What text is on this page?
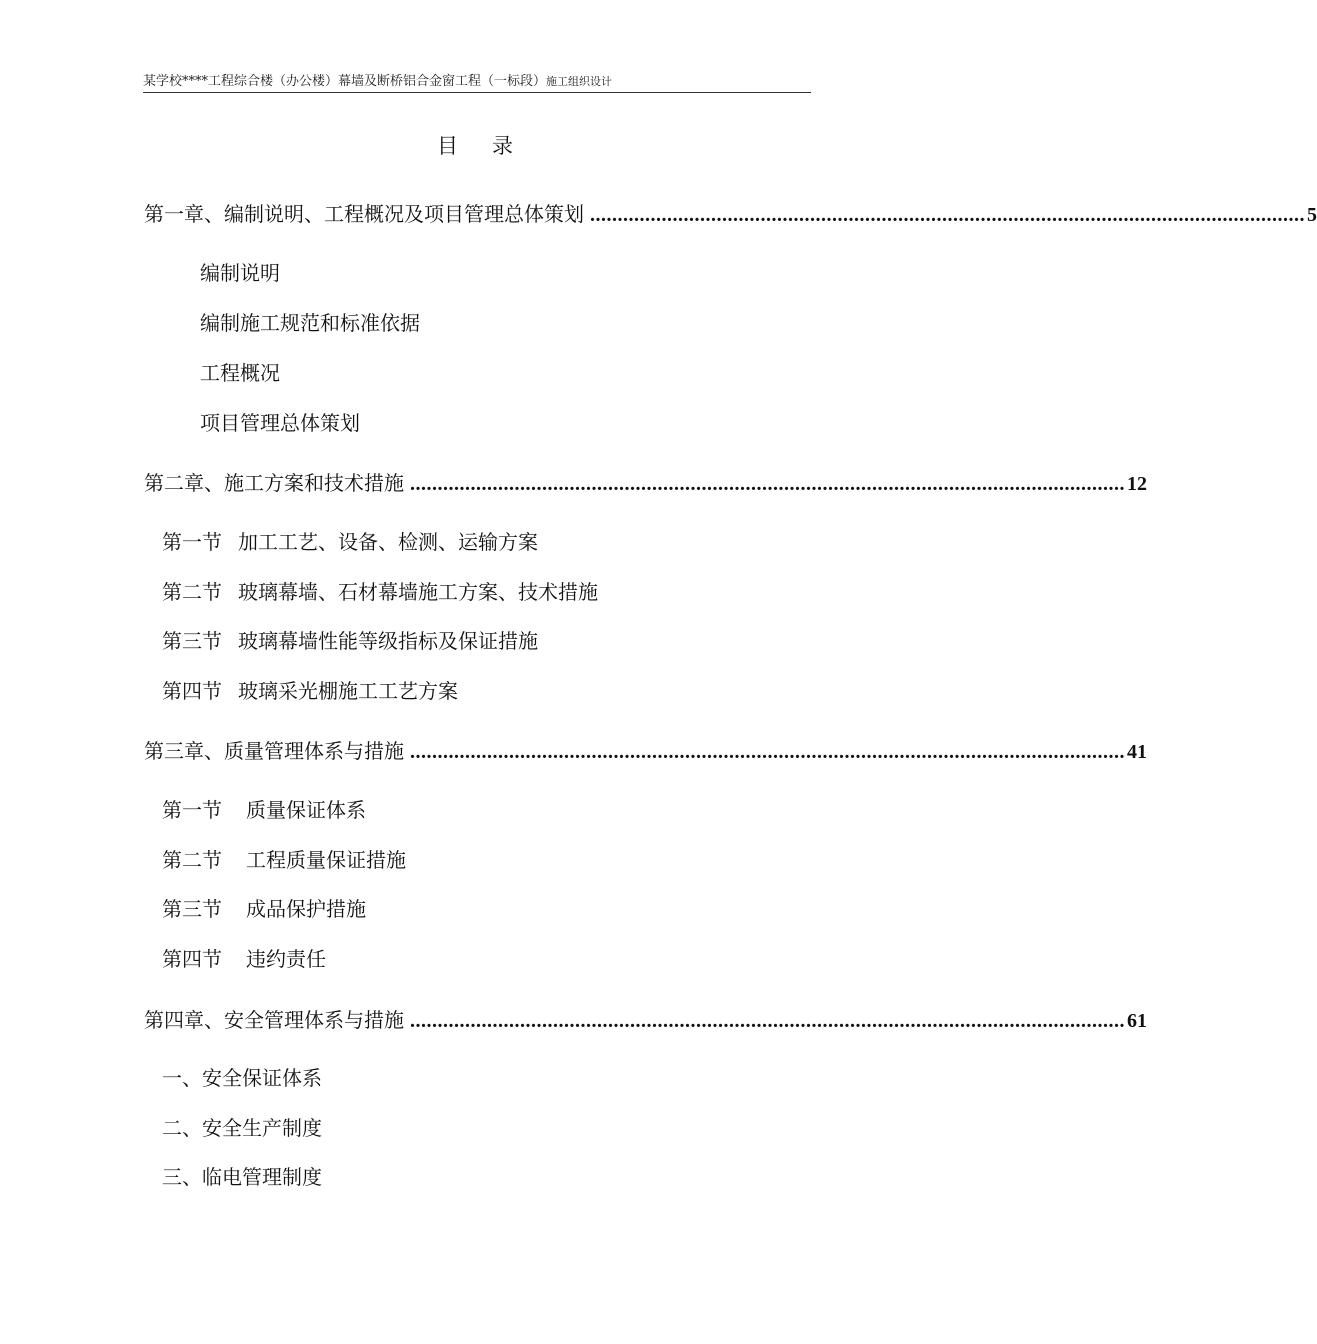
某学校****工程综合楼（办公楼）幕墙及断桥铝合金窗工程（一标段）施工组织设计
目录
第一章、编制说明、工程概况及项目管理总体策划 .................................................................................................................................. 5
编制说明
编制施工规范和标准依据
工程概况
项目管理总体策划
第二章、施工方案和技术措施 .................................................................................................................................. 12
第一节 加工工艺、设备、检测、运输方案
第二节 玻璃幕墙、石材幕墙施工方案、技术措施
第三节 玻璃幕墙性能等级指标及保证措施
第四节 玻璃采光棚施工工艺方案
第三章、质量管理体系与措施 .................................................................................................................................. 41
第一节 质量保证体系
第二节 工程质量保证措施
第三节 成品保护措施
第四节 违约责任
第四章、安全管理体系与措施 .................................................................................................................................. 61
一、安全保证体系
二、安全生产制度
三、临电管理制度
